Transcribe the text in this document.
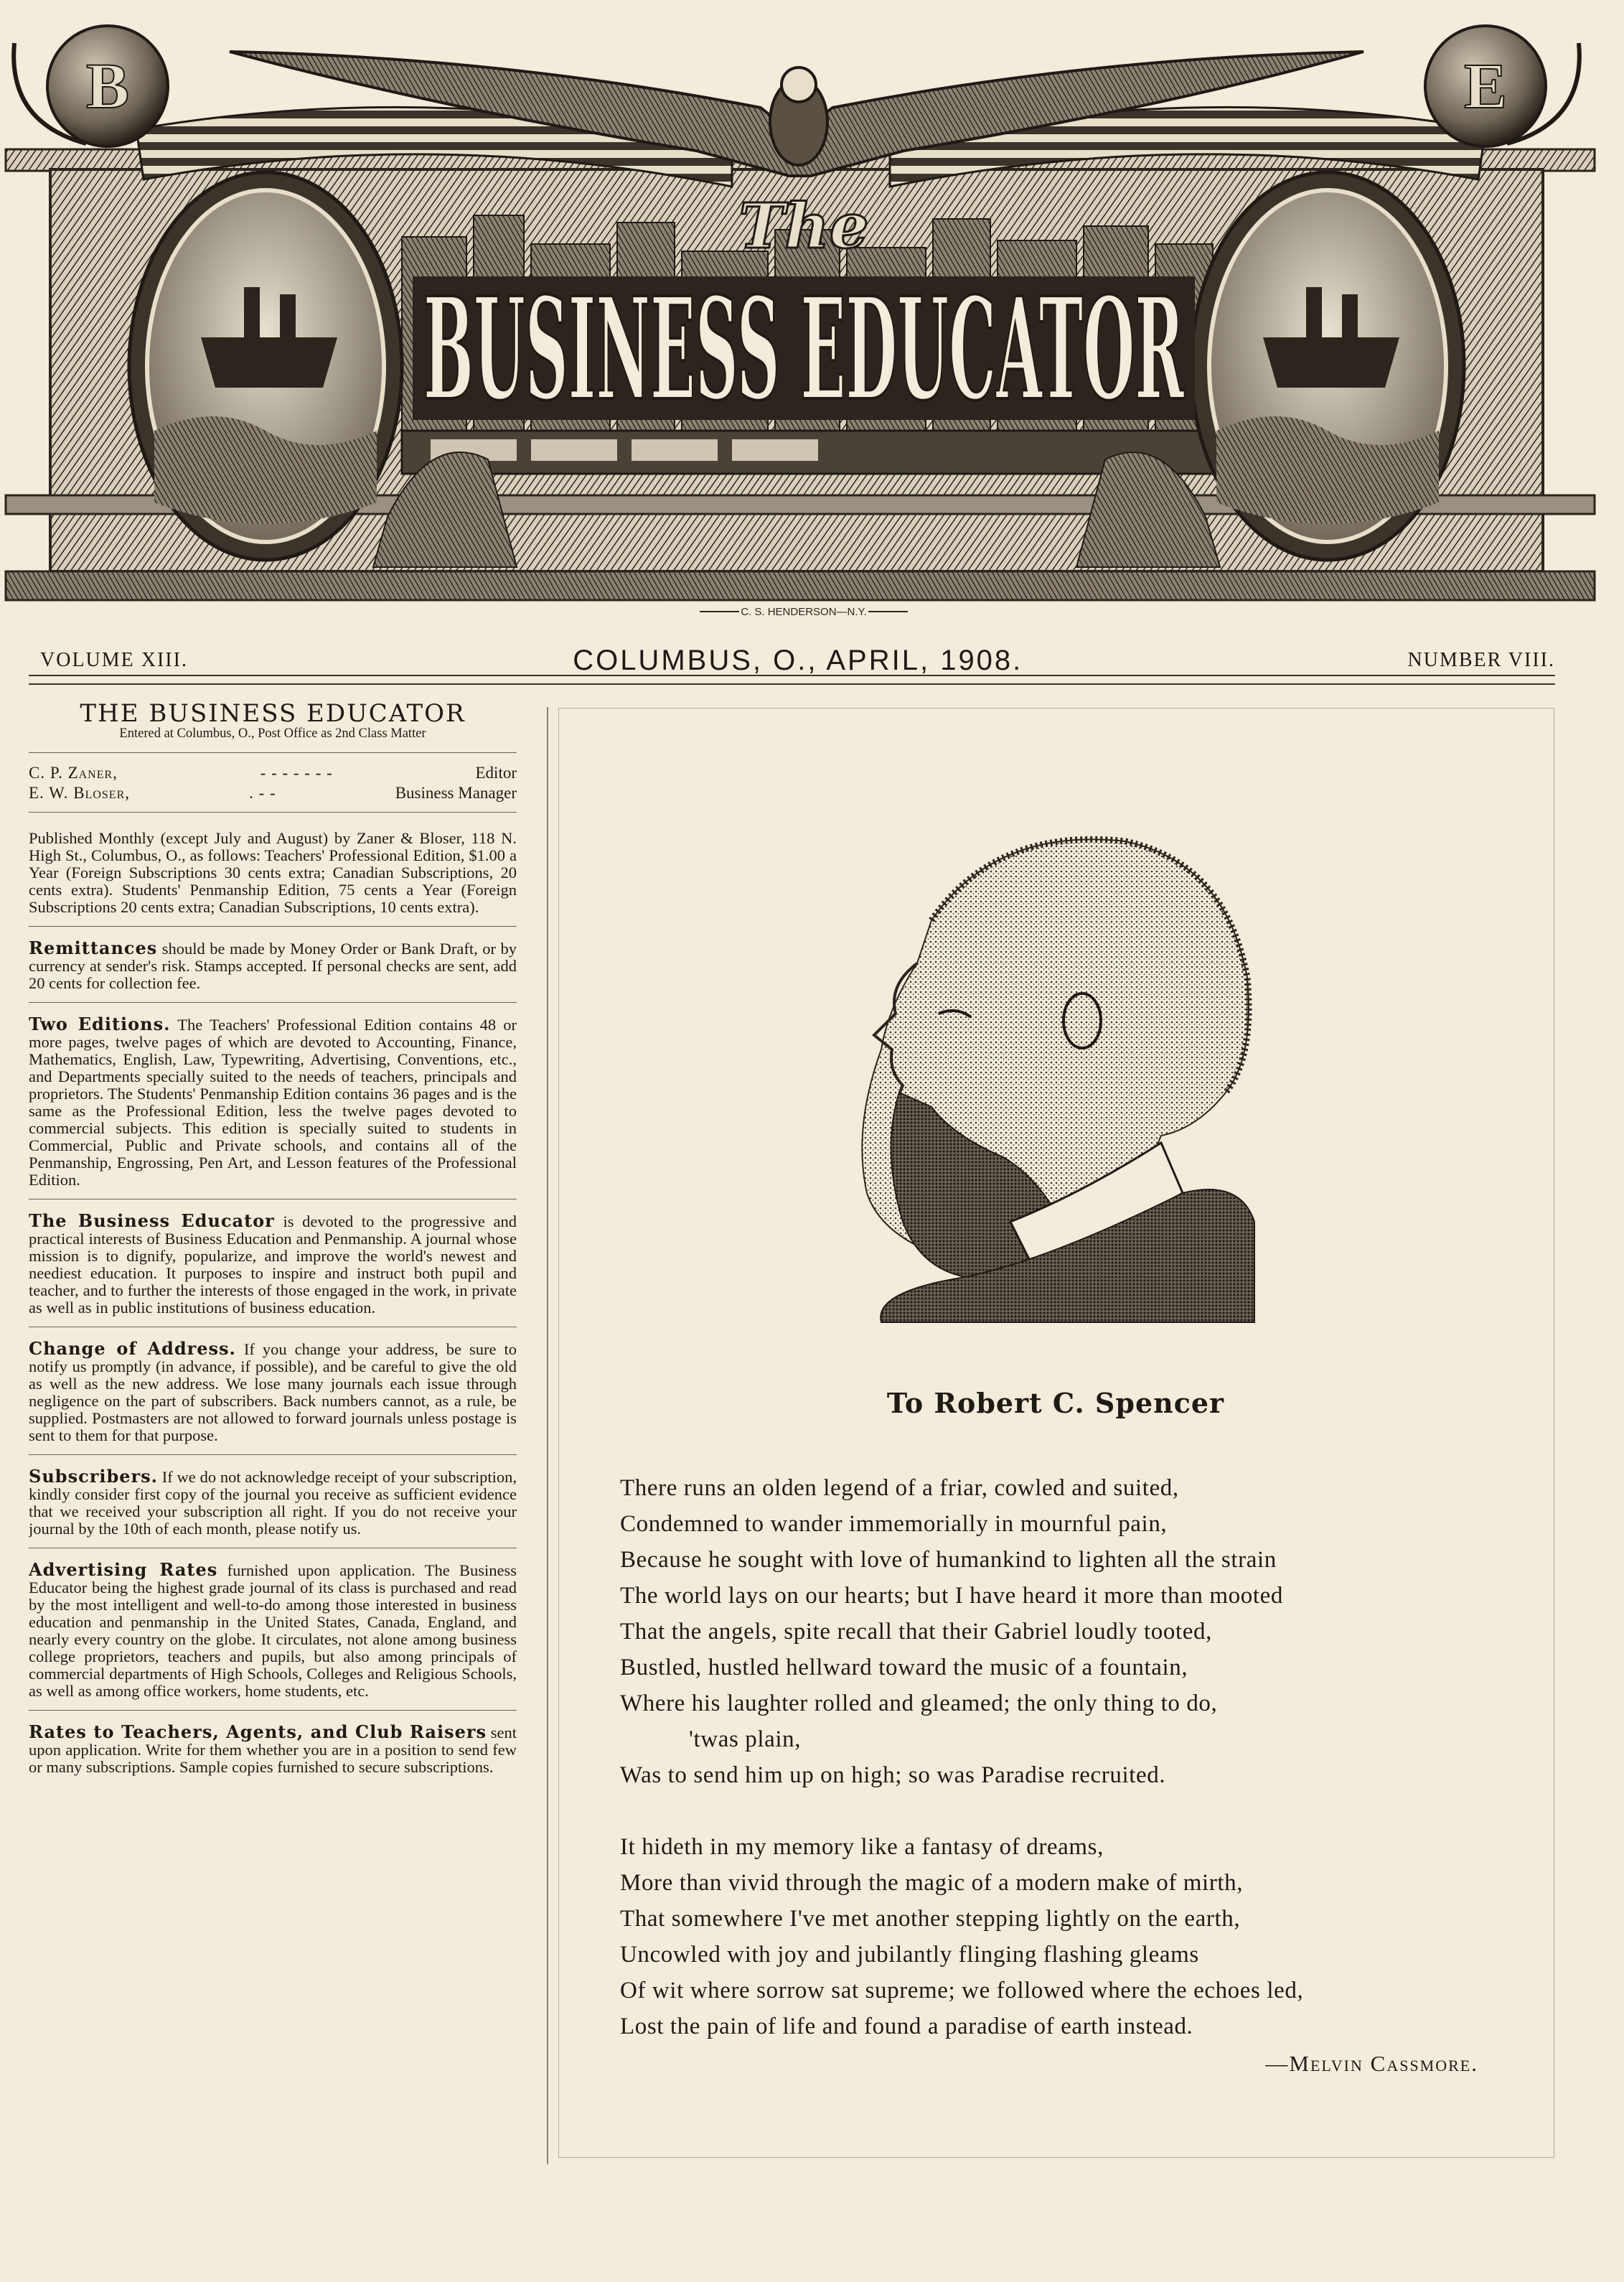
B	E
The
BUSINESS EDUCATOR
C. S. HENDERSON—N.Y.
VOLUME XIII.	COLUMBUS, O., APRIL, 1908.	NUMBER VIII.
THE BUSINESS EDUCATOR
Entered at Columbus, O., Post Office as 2nd Class Matter
C. P. Zaner,	- - - - - - -	Editor
E. W. Bloser,	. - -	Business Manager
Published Monthly (except July and August) by Zaner & Bloser, 118 N. High St., Columbus, O., as follows: Teachers' Professional Edition, $1.00 a Year (Foreign Subscriptions 30 cents extra; Canadian Subscriptions, 20 cents extra). Students' Penmanship Edition, 75 cents a Year (Foreign Subscriptions 20 cents extra; Canadian Subscriptions, 10 cents extra).
Remittances should be made by Money Order or Bank Draft, or by currency at sender's risk. Stamps accepted. If personal checks are sent, add 20 cents for collection fee.
Two Editions. The Teachers' Professional Edition contains 48 or more pages, twelve pages of which are devoted to Accounting, Finance, Mathematics, English, Law, Typewriting, Advertising, Conventions, etc., and Departments specially suited to the needs of teachers, principals and proprietors. The Students' Penmanship Edition contains 36 pages and is the same as the Professional Edition, less the twelve pages devoted to commercial subjects. This edition is specially suited to students in Commercial, Public and Private schools, and contains all of the Penmanship, Engrossing, Pen Art, and Lesson features of the Professional Edition.
The Business Educator is devoted to the progressive and practical interests of Business Education and Penmanship. A journal whose mission is to dignify, popularize, and improve the world's newest and neediest education. It purposes to inspire and instruct both pupil and teacher, and to further the interests of those engaged in the work, in private as well as in public institutions of business education.
Change of Address. If you change your address, be sure to notify us promptly (in advance, if possible), and be careful to give the old as well as the new address. We lose many journals each issue through negligence on the part of subscribers. Back numbers cannot, as a rule, be supplied. Postmasters are not allowed to forward journals unless postage is sent to them for that purpose.
Subscribers. If we do not acknowledge receipt of your subscription, kindly consider first copy of the journal you receive as sufficient evidence that we received your subscription all right. If you do not receive your journal by the 10th of each month, please notify us.
Advertising Rates furnished upon application. The Business Educator being the highest grade journal of its class is purchased and read by the most intelligent and well-to-do among those interested in business education and penmanship in the United States, Canada, England, and nearly every country on the globe. It circulates, not alone among business college proprietors, teachers and pupils, but also among principals of commercial departments of High Schools, Colleges and Religious Schools, as well as among office workers, home students, etc.
Rates to Teachers, Agents, and Club Raisers sent upon application. Write for them whether you are in a position to send few or many subscriptions. Sample copies furnished to secure subscriptions.
To Robert C. Spencer
There runs an olden legend of a friar, cowled and suited,
Condemned to wander immemorially in mournful pain,
Because he sought with love of humankind to lighten all the strain
The world lays on our hearts; but I have heard it more than mooted
That the angels, spite recall that their Gabriel loudly tooted,
Bustled, hustled hellward toward the music of a fountain,
Where his laughter rolled and gleamed; the only thing to do,
'twas plain,
Was to send him up on high; so was Paradise recruited.
It hideth in my memory like a fantasy of dreams,
More than vivid through the magic of a modern make of mirth,
That somewhere I've met another stepping lightly on the earth,
Uncowled with joy and jubilantly flinging flashing gleams
Of wit where sorrow sat supreme; we followed where the echoes led,
Lost the pain of life and found a paradise of earth instead.
—Melvin Cassmore.
